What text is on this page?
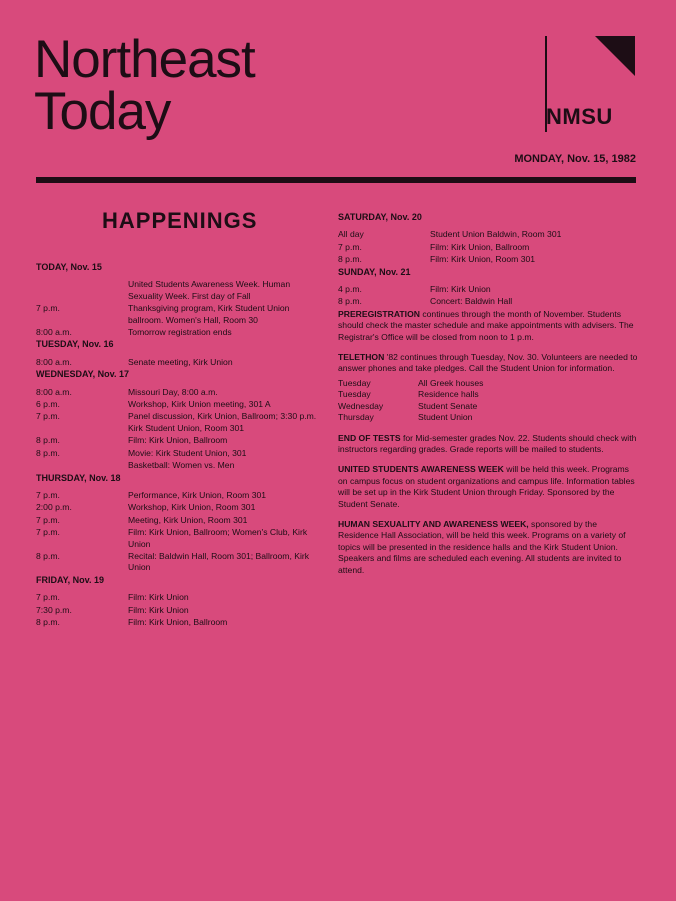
Northeast
Today	NMSU
MONDAY, Nov. 15, 1982
HAPPENINGS
TODAY, Nov. 15
United Students Awareness Week. Human Sexuality Week. First day of Fall
7 p.m.	Thanksgiving program, Kirk Student Union ballroom. Women's Hall, Room 30
8:00 a.m.	Tomorrow registration ends
TUESDAY, Nov. 16
8:00 a.m.	Senate meeting, Kirk Union
WEDNESDAY, Nov. 17
8:00 a.m.	Missouri Day, 8:00 a.m.
6 p.m.	Workshop, Kirk Union meeting, 301 A
7 p.m.	Panel discussion, Kirk Union, Ballroom; 3:30 p.m. Kirk Student Union, Room 301
8 p.m.	Film: Kirk Union, Ballroom
8 p.m.	Movie: Kirk Student Union, 301
Basketball: Women vs. Men
THURSDAY, Nov. 18
7 p.m.	Performance, Kirk Union, Room 301
2:00 p.m.	Workshop, Kirk Union, Room 301
7 p.m.	Meeting, Kirk Union, Room 301
7 p.m.	Film: Kirk Union, Ballroom; Women's Club, Kirk Union
8 p.m.	Recital: Baldwin Hall, Room 301; Ballroom, Kirk Union
FRIDAY, Nov. 19
7 p.m.	Film: Kirk Union
7:30 p.m.	Film: Kirk Union
8 p.m.	Film: Kirk Union, Ballroom
SATURDAY, Nov. 20
All day	Student Union Baldwin, Room 301
7 p.m.	Film: Kirk Union, Ballroom
8 p.m.	Film: Kirk Union, Room 301
SUNDAY, Nov. 21
4 p.m.	Film: Kirk Union
8 p.m.	Concert: Baldwin Hall

PREREGISTRATION continues through the month of November. Students should check the master schedule and make appointments with advisers. The Registrar's Office will be closed from noon to 1 p.m.

TELETHON '82 continues through Tuesday, Nov. 30. Volunteers are needed to answer phones and take pledges. Call the Student Union for information.

Tuesday	All Greek houses
Tuesday	Residence halls
Wednesday	Student Senate
Thursday	Student Union

END OF TESTS for Mid-semester grades Nov. 22. Students should check with instructors regarding grades. Grade reports will be mailed to students.

UNITED STUDENTS AWARENESS WEEK will be held this week. Programs on campus focus on student organizations and campus life. Information tables will be set up in the Kirk Student Union through Friday. Sponsored by the Student Senate.

HUMAN SEXUALITY AND AWARENESS WEEK, sponsored by the Residence Hall Association, will be held this week. Programs on a variety of topics will be presented in the residence halls and the Kirk Student Union. Speakers and films are scheduled each evening. All students are invited to attend.
